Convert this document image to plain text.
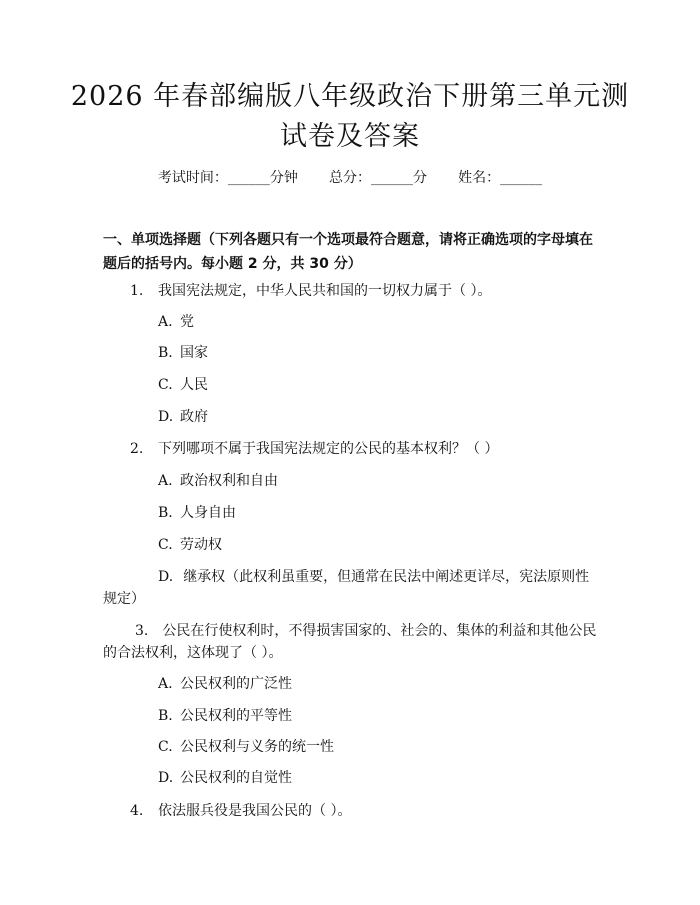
2026 年春部编版八年级政治下册第三单元测
试卷及答案
考试时间：______分钟 总分：______分 姓名：______
一、单项选择题（下列各题只有一个选项最符合题意，请将正确选项的字母填在题后的括号内。每小题 2 分，共 30 分）
1. 我国宪法规定，中华人民共和国的一切权力属于（ ）。
A. 党
B. 国家
C. 人民
D. 政府
2. 下列哪项不属于我国宪法规定的公民的基本权利？（ ）
A. 政治权利和自由
B. 人身自由
C. 劳动权
D. 继承权（此权利虽重要，但通常在民法中阐述更详尽，宪法原则性规定）
3. 公民在行使权利时，不得损害国家的、社会的、集体的利益和其他公民的合法权利，这体现了（ ）。
A. 公民权利的广泛性
B. 公民权利的平等性
C. 公民权利与义务的统一性
D. 公民权利的自觉性
4. 依法服兵役是我国公民的（ ）。
